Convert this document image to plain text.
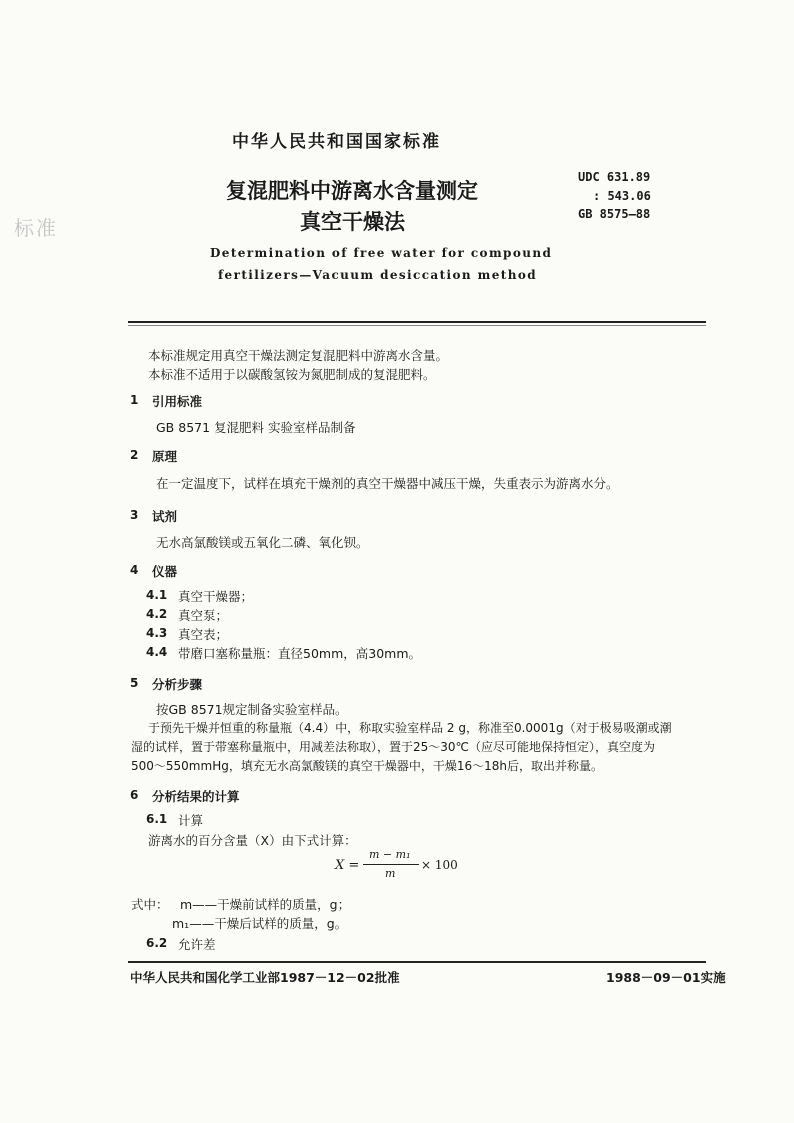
标准
中华人民共和国国家标准
复混肥料中游离水含量测定
真空干燥法
UDC 631.89
: 543.06
GB 8575—88
Determination of free water for compound
fertilizers—Vacuum desiccation method
本标准规定用真空干燥法测定复混肥料中游离水含量。
本标准不适用于以碳酸氢铵为氮肥制成的复混肥料。
1 引用标准
GB 8571 复混肥料 实验室样品制备
2 原理
在一定温度下，试样在填充干燥剂的真空干燥器中减压干燥，失重表示为游离水分。
3 试剂
无水高氯酸镁或五氧化二磷、氧化钡。
4 仪器
4.1 真空干燥器；
4.2 真空泵；
4.3 真空表；
4.4 带磨口塞称量瓶：直径50mm，高30mm。
5 分析步骤
按GB 8571规定制备实验室样品。
于预先干燥并恒重的称量瓶（4.4）中，称取实验室样品 2 g，称准至0.0001g（对于极易吸潮或潮
湿的试样，置于带塞称量瓶中，用减差法称取），置于25～30℃（应尽可能地保持恒定），真空度为
500～550mmHg，填充无水高氯酸镁的真空干燥器中，干燥16～18h后，取出并称量。
6 分析结果的计算
6.1 计算
游离水的百分含量（X）由下式计算：
X =
m − m₁
m
× 100
式中： m——干燥前试样的质量，g；
m₁——干燥后试样的质量，g。
6.2 允许差
中华人民共和国化学工业部1987－12－02批准	1988－09－01实施
